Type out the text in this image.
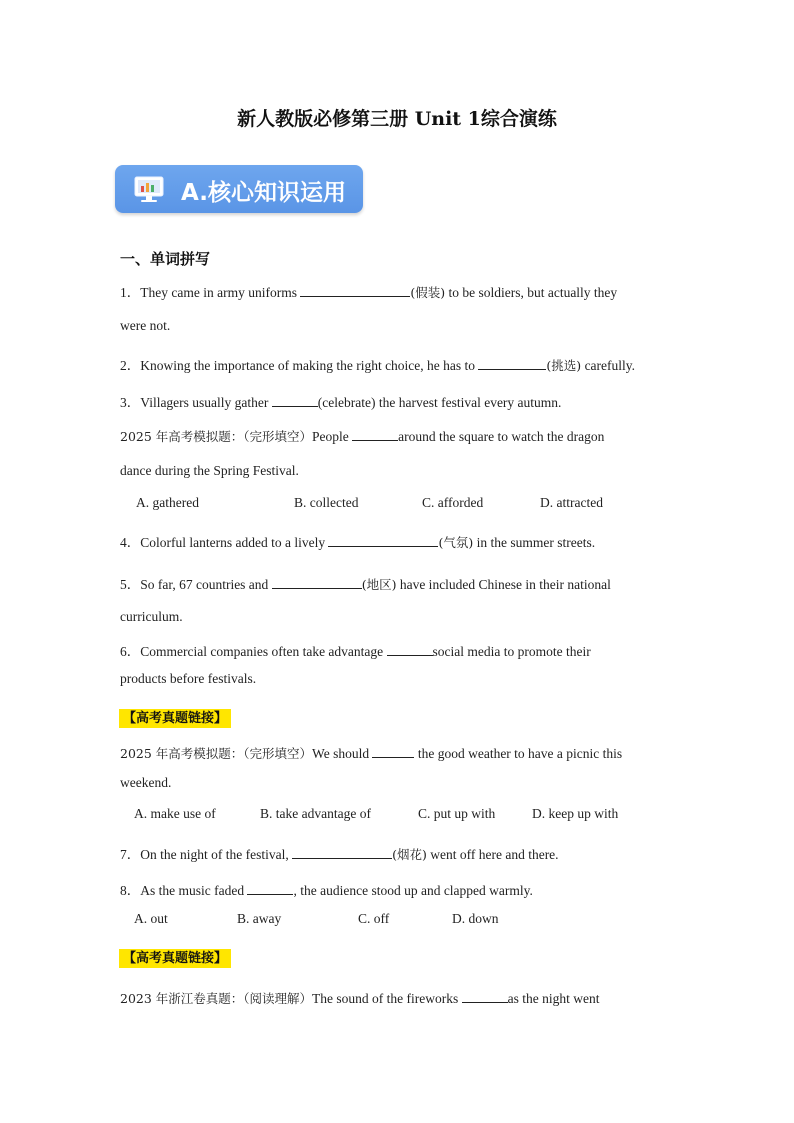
新人教版必修第三册 Unit 1综合演练
A.核心知识运用
一、单词拼写
1．They came in army uniforms	(假装) to be soldiers, but actually they
were not.
2．Knowing the importance of making the right choice, he has to	(挑选) carefully.
3．Villagers usually gather	(celebrate) the harvest festival every autumn.
2025 年高考模拟题：（完形填空）People	around the square to watch the dragon
dance during the Spring Festival.
A. gathered	B. collected	C. afforded	D. attracted
4．Colorful lanterns added to a lively	(气氛) in the summer streets.
5．So far, 67 countries and	(地区) have included Chinese in their national
curriculum.
6．Commercial companies often take advantage	social media to promote their
products before festivals.
【高考真题链接】
2025 年高考模拟题：（完形填空）We should	the good weather to have a picnic this
weekend.
A. make use of	B. take advantage of	C. put up with	D. keep up with
7．On the night of the festival,	(烟花) went off here and there.
8．As the music faded	, the audience stood up and clapped warmly.
A. out	B. away	C. off	D. down
【高考真题链接】
2023 年浙江卷真题：（阅读理解）The sound of the fireworks	as the night went
